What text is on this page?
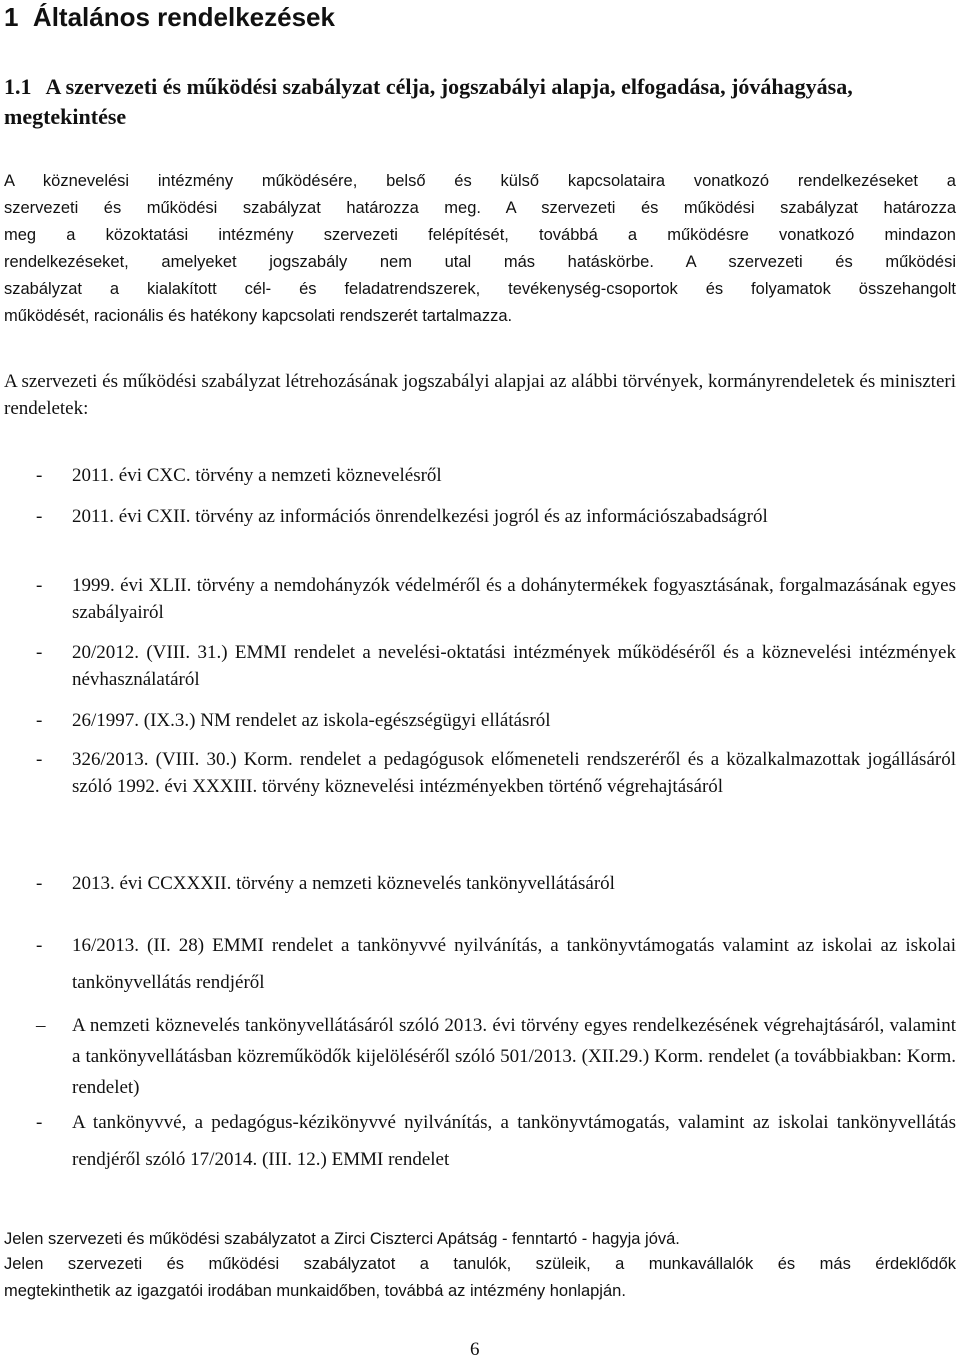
1 Általános rendelkezések
1.1 A szervezeti és működési szabályzat célja, jogszabályi alapja, elfogadása, jóváhagyása, megtekintése
A köznevelési intézmény működésére, belső és külső kapcsolataira vonatkozó rendelkezéseket a
szervezeti és működési szabályzat határozza meg. A szervezeti és működési szabályzat határozza
meg a közoktatási intézmény szervezeti felépítését, továbbá a működésre vonatkozó mindazon
rendelkezéseket, amelyeket jogszabály nem utal más hatáskörbe. A szervezeti és működési
szabályzat a kialakított cél- és feladatrendszerek, tevékenység-csoportok és folyamatok összehangolt
működését, racionális és hatékony kapcsolati rendszerét tartalmazza.
A szervezeti és működési szabályzat létrehozásának jogszabályi alapjai az alábbi törvények, kormányrendeletek és miniszteri rendeletek:
- 2011. évi CXC. törvény a nemzeti köznevelésről
- 2011. évi CXII. törvény az információs önrendelkezési jogról és az információszabadságról
- 1999. évi XLII. törvény a nemdohányzók védelméről és a dohánytermékek fogyasztásának, forgalmazásának egyes szabályairól
- 20/2012. (VIII. 31.) EMMI rendelet a nevelési-oktatási intézmények működéséről és a köznevelési intézmények névhasználatáról
- 26/1997. (IX.3.) NM rendelet az iskola-egészségügyi ellátásról
- 326/2013. (VIII. 30.) Korm. rendelet a pedagógusok előmeneteli rendszeréről és a közalkalmazottak jogállásáról szóló 1992. évi XXXIII. törvény köznevelési intézményekben történő végrehajtásáról
- 2013. évi CCXXXII. törvény a nemzeti köznevelés tankönyvellátásáról
- 16/2013. (II. 28) EMMI rendelet a tankönyvvé nyilvánítás, a tankönyvtámogatás valamint az iskolai az iskolai tankönyvellátás rendjéről
– A nemzeti köznevelés tankönyvellátásáról szóló 2013. évi törvény egyes rendelkezésének végrehajtásáról, valamint a tankönyvellátásban közreműködők kijelöléséről szóló 501/2013. (XII.29.) Korm. rendelet (a továbbiakban: Korm. rendelet)
- A tankönyvvé, a pedagógus-kézikönyvvé nyilvánítás, a tankönyvtámogatás, valamint az iskolai tankönyvellátás rendjéről szóló 17/2014. (III. 12.) EMMI rendelet
Jelen szervezeti és működési szabályzatot a Zirci Ciszterci Apátság - fenntartó - hagyja jóvá.
Jelen szervezeti és működési szabályzatot a tanulók, szüleik, a munkavállalók és más érdeklődők
megtekinthetik az igazgatói irodában munkaidőben, továbbá az intézmény honlapján.
6
